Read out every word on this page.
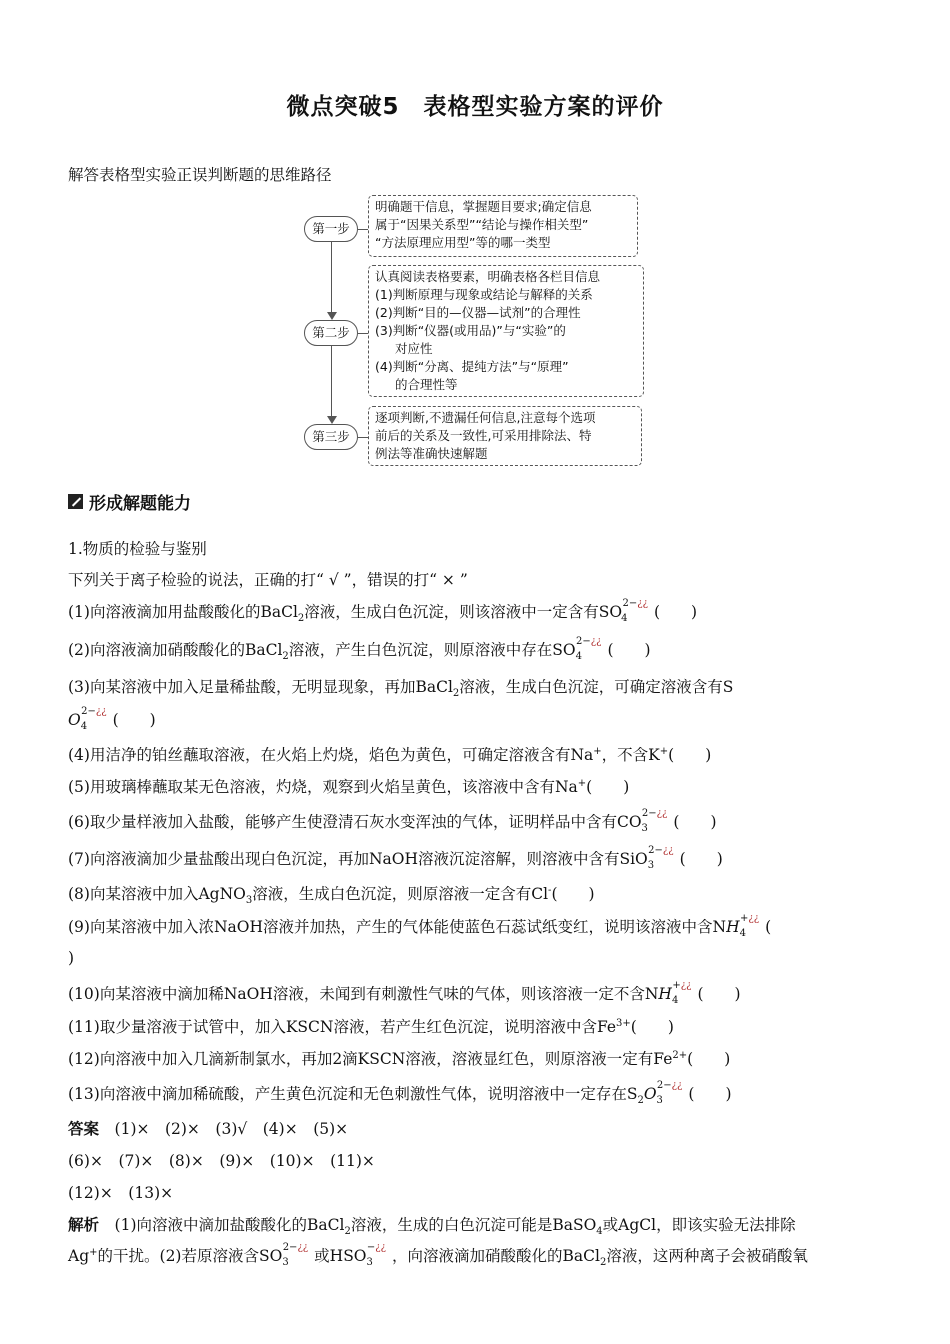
微点突破5　表格型实验方案的评价
解答表格型实验正误判断题的思维路径
第一步
第二步
第三步
明确题干信息，掌握题目要求;确定信息
属于“因果关系型”“结论与操作相关型”
“方法原理应用型”等的哪一类型
认真阅读表格要素，明确表格各栏目信息
(1)判断原理与现象或结论与解释的关系
(2)判断“目的—仪器—试剂”的合理性
(3)判断“仪器(或用品)”与“实验”的
对应性
(4)判断“分离、提纯方法”与“原理”
的合理性等
逐项判断,不遗漏任何信息,注意每个选项
前后的关系及一致性,可采用排除法、特
例法等准确快速解题
形成解题能力
1.物质的检验与鉴别
下列关于离子检验的说法，正确的打“ √ ”，错误的打“ × ”
(1)向溶液滴加用盐酸酸化的BaCl$_2$溶液，生成白色沉淀，则该溶液中一定含有$SO_4^{2-¿¿}$ (　　)
(2)向溶液滴加硝酸酸化的BaCl$_2$溶液，产生白色沉淀，则原溶液中存在$SO_4^{2-¿¿}$ (　　)
(3)向某溶液中加入足量稀盐酸，无明显现象，再加BaCl$_2$溶液，生成白色沉淀，可确定溶液含有S
$O_4^{2-¿¿}$ (　　)
(4)用洁净的铂丝蘸取溶液，在火焰上灼烧，焰色为黄色，可确定溶液含有Na+，不含K+(　　)
(5)用玻璃棒蘸取某无色溶液，灼烧，观察到火焰呈黄色，该溶液中含有Na+(　　)
(6)取少量样液加入盐酸，能够产生使澄清石灰水变浑浊的气体，证明样品中含有$CO_3^{2-¿¿}$ (　　)
(7)向溶液滴加少量盐酸出现白色沉淀，再加NaOH溶液沉淀溶解，则溶液中含有SiO$_3^{2-¿¿}$ (　　)
(8)向某溶液中加入AgNO$_3$溶液，生成白色沉淀，则原溶液一定含有Cl-(　　)
(9)向某溶液中加入浓NaOH溶液并加热，产生的气体能使蓝色石蕊试纸变红，说明该溶液中含$NH_4^{+¿¿}$ (
)
(10)向某溶液中滴加稀NaOH溶液，未闻到有刺激性气味的气体，则该溶液一定不含$NH_4^{+¿¿}$ (　　)
(11)取少量溶液于试管中，加入KSCN溶液，若产生红色沉淀，说明溶液中含$Fe^{3+}$(　　)
(12)向溶液中加入几滴新制氯水，再加2滴KSCN溶液，溶液显红色，则原溶液一定有$Fe^{2+}$(　　)
(13)向溶液中滴加稀硫酸，产生黄色沉淀和无色刺激性气体，说明溶液中一定存在$S_2O_3^{2-¿¿}$ (　　)
答案　 (1)×　(2)×　(3)√　(4)×　(5)×
(6)×　(7)×　(8)×　(9)×　(10)×　(11)×
(12)×　(13)×
解析　 (1)向溶液中滴加盐酸酸化的BaCl$_2$溶液，生成的白色沉淀可能是BaSO$_4$或AgCl，即该实验无法排除
Ag+的干扰。(2)若原溶液含$SO_3^{2-¿¿}$ 或$HSO_3^{-¿¿}$ ，向溶液滴加硝酸酸化的BaCl$_2$溶液，这两种离子会被硝酸氧
